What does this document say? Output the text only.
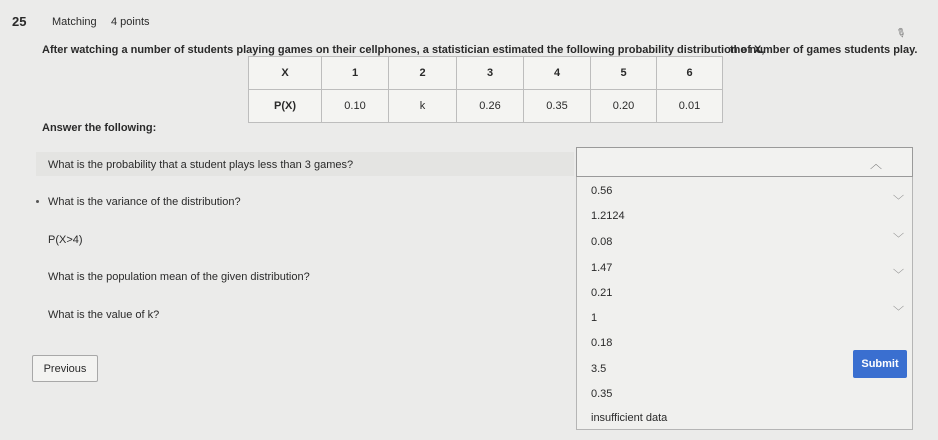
25 Matching 4 points
✎
After watching a number of students playing games on their cellphones, a statistician estimated the following probability distribution of X,
the number of games students play.
X	1	2	3	4	5	6
P(X)	0.10	k	0.26	0.35	0.20	0.01
Answer the following:
What is the probability that a student plays less than 3 games?
What is the variance of the distribution?
P(X>4)
What is the population mean of the given distribution?
What is the value of k?
︿
0.56
1.2124
0.08
1.47
0.21
1
0.18
3.5
0.35
insufficient data
﹀
﹀
﹀
﹀
Previous	Submit
